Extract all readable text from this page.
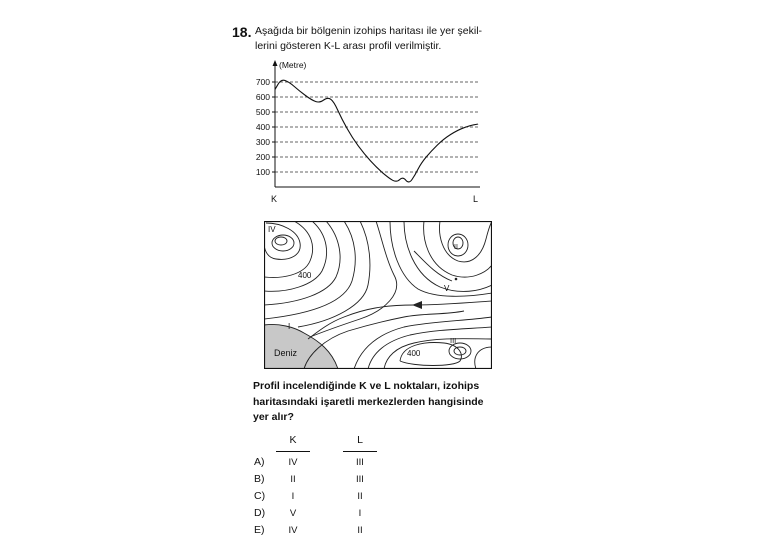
18. Aşağıda bir bölgenin izohips haritası ile yer şekil-
lerini gösteren K-L arası profil verilmiştir.
(Metre)
100
200
300
400
500
600
700
K	L
IV
II
V
I
III
400
400
Deniz
Profil incelendiğinde K ve L noktaları, izohips
haritasındaki işaretli merkezlerden hangisinde
yer alır?
K	L
A)	IV	III
B)	II	III
C)	I	II
D)	V	I
E)	IV	II
